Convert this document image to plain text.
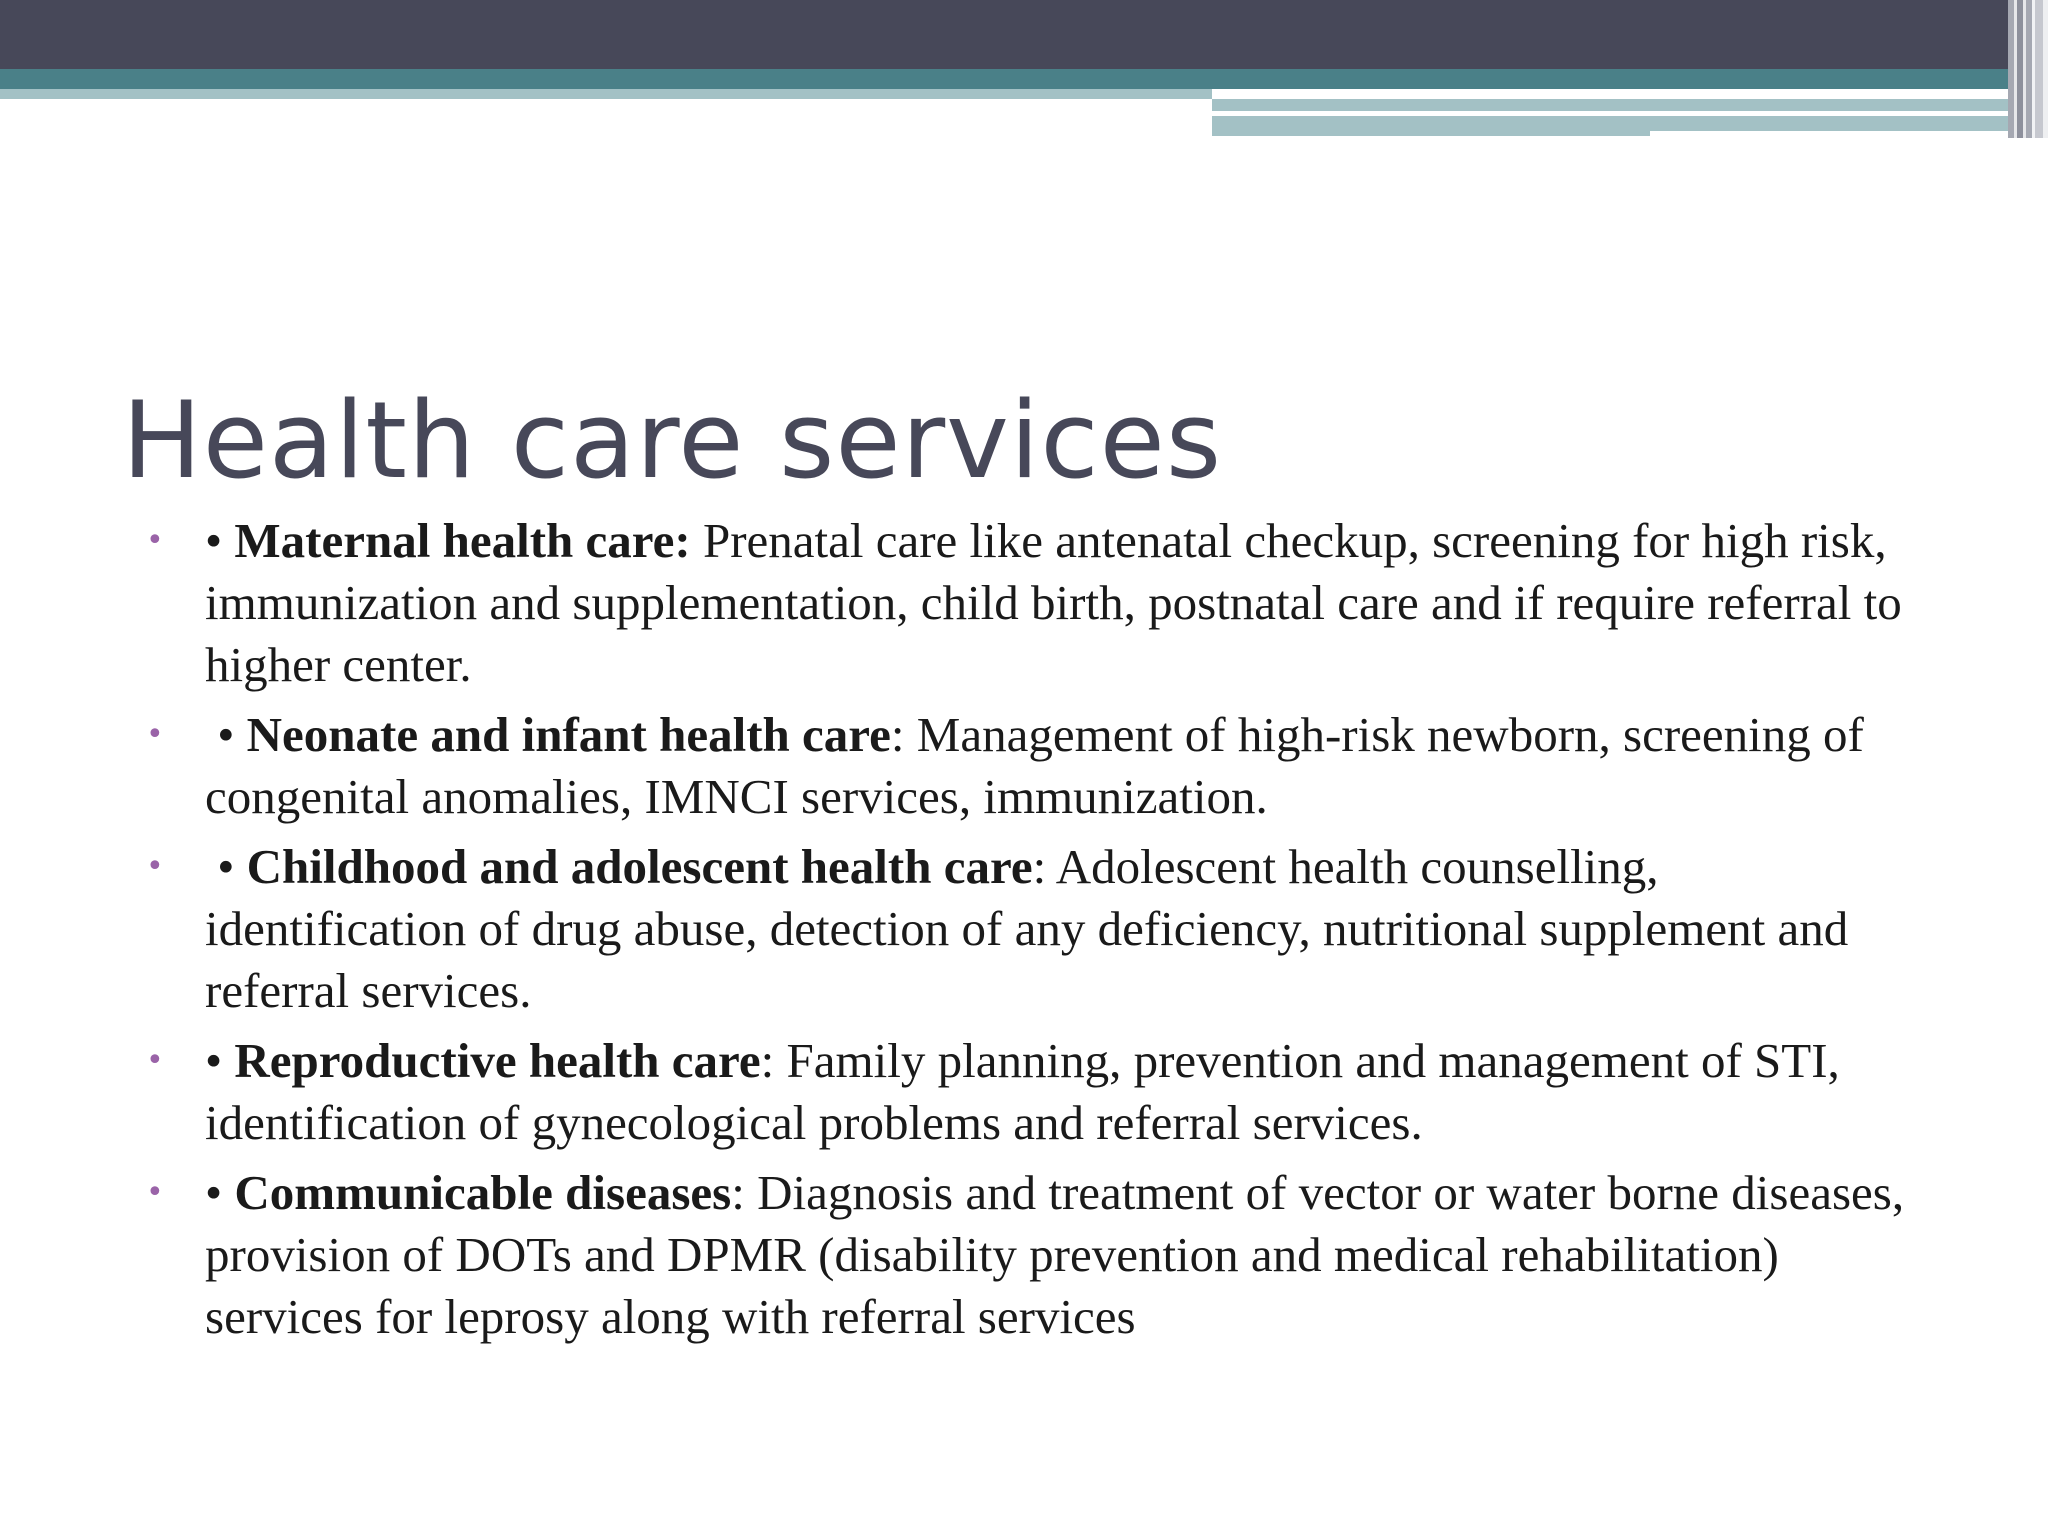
Health care services
• • Maternal health care: Prenatal care like antenatal checkup, screening for high risk, immunization and supplementation, child birth, postnatal care and if require referral to higher center.
• • Neonate and infant health care: Management of high-risk newborn, screening of congenital anomalies, IMNCI services, immunization.
• • Childhood and adolescent health care: Adolescent health counselling, identification of drug abuse, detection of any deficiency, nutritional supplement and referral services.
• • Reproductive health care: Family planning, prevention and management of STI, identification of gynecological problems and referral services.
• • Communicable diseases: Diagnosis and treatment of vector or water borne diseases, provision of DOTs and DPMR (disability prevention and medical rehabilitation) services for leprosy along with referral services
